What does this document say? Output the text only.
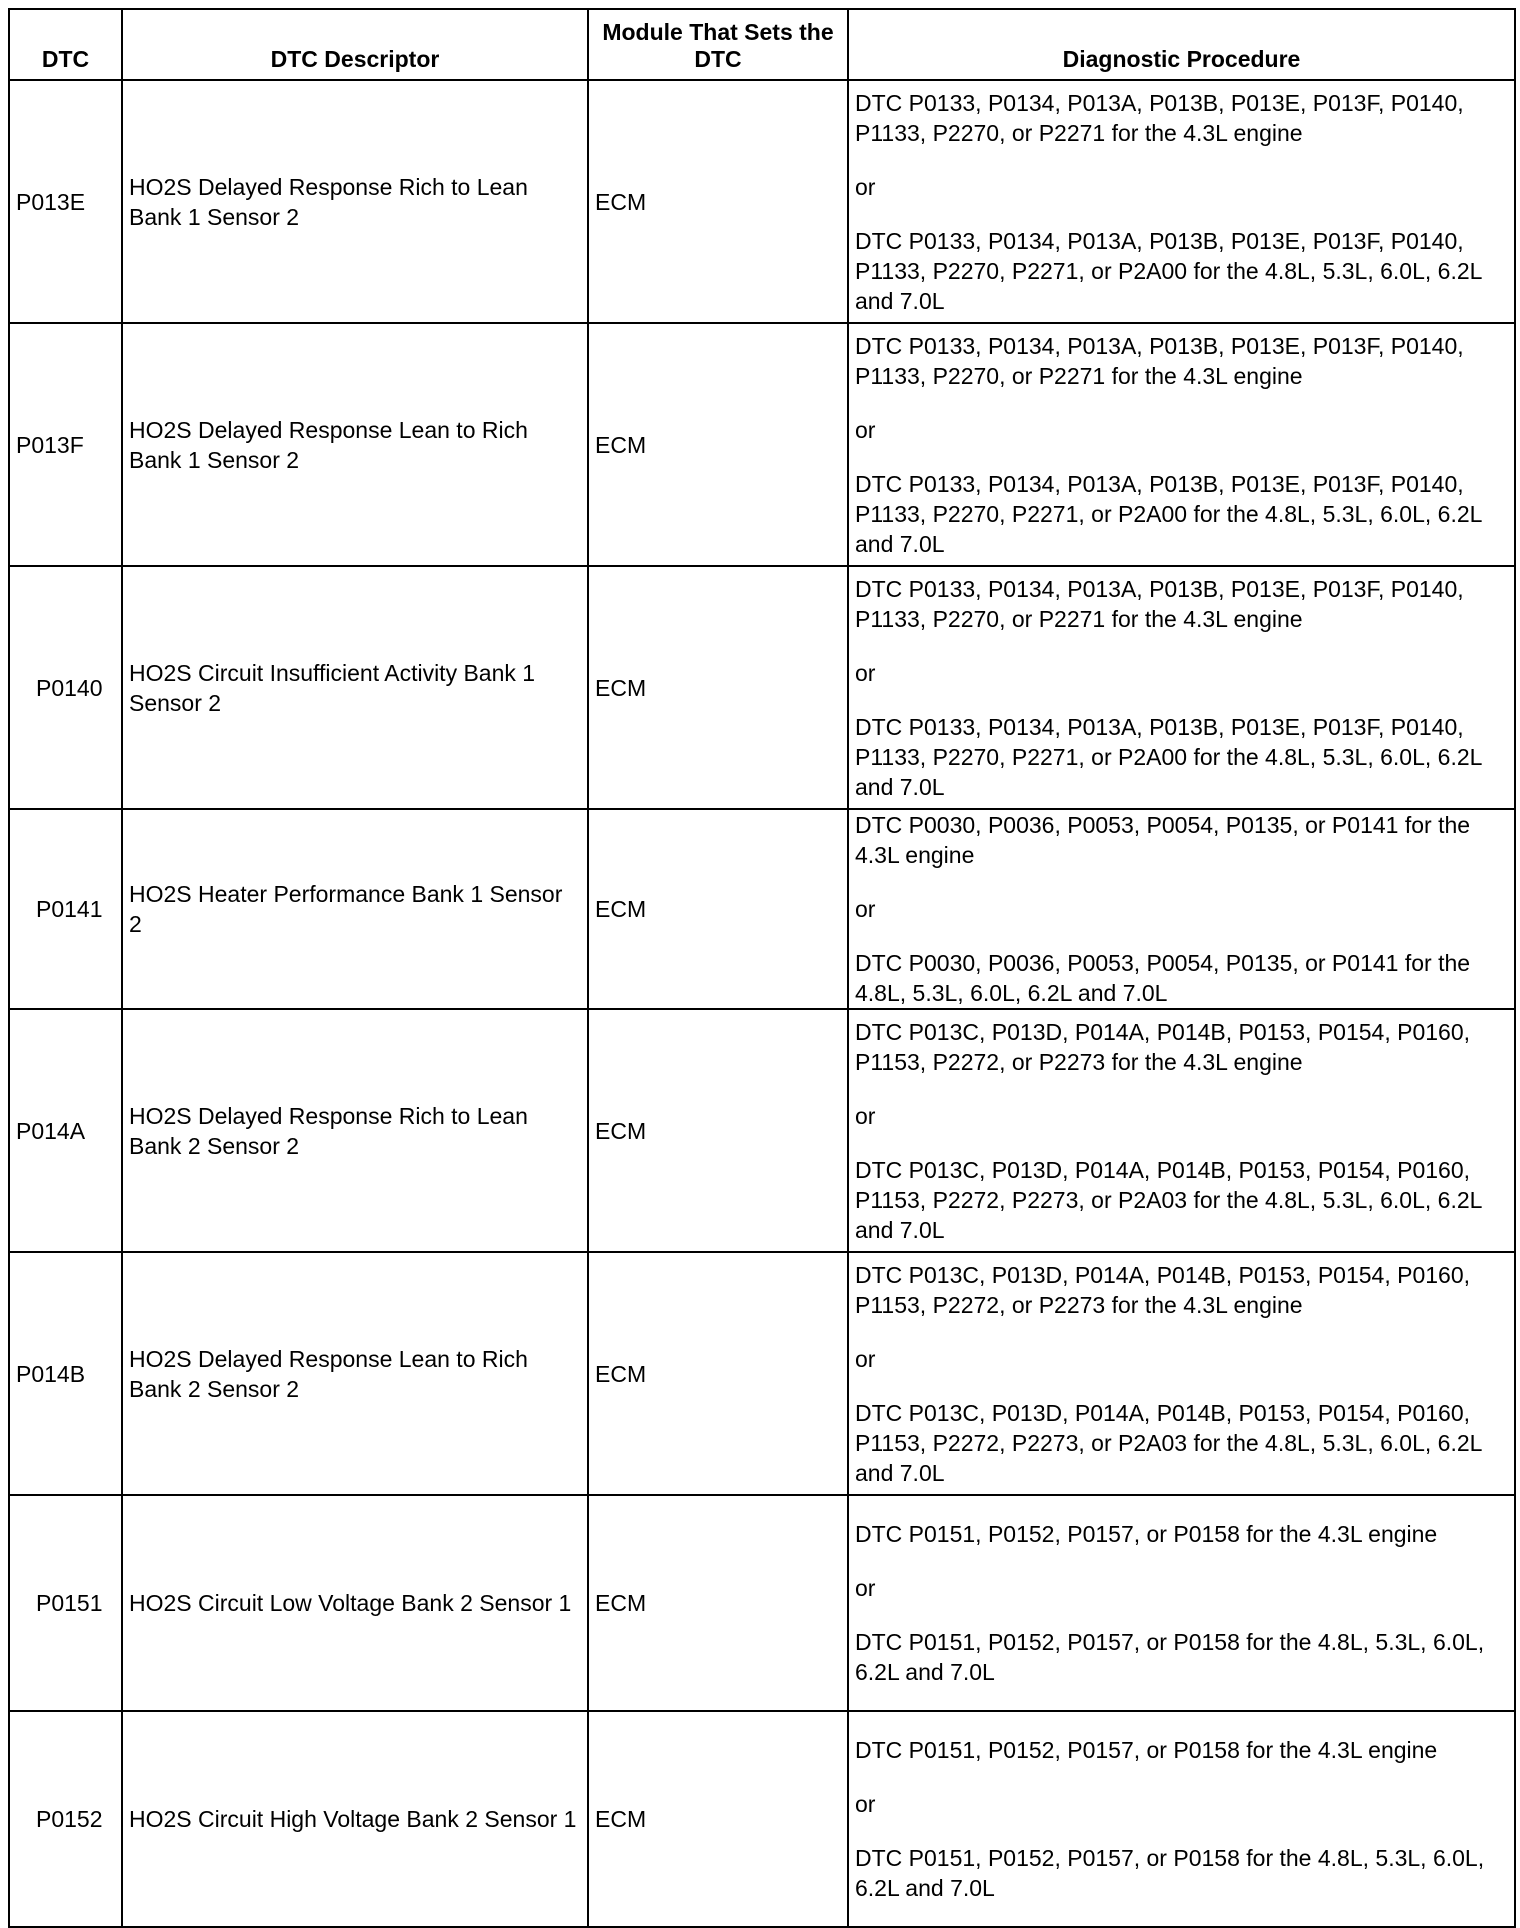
DTC	DTC Descriptor	Module That Sets the DTC	Diagnostic Procedure
P013E	HO2S Delayed Response Rich to Lean Bank 1 Sensor 2	ECM	DTC P0133, P0134, P013A, P013B, P013E, P013F, P0140, P1133, P2270, or P2271 for the 4.3L engine

or

DTC P0133, P0134, P013A, P013B, P013E, P013F, P0140, P1133, P2270, P2271, or P2A00 for the 4.8L, 5.3L, 6.0L, 6.2L and 7.0L

P013F	HO2S Delayed Response Lean to Rich Bank 1 Sensor 2	ECM	DTC P0133, P0134, P013A, P013B, P013E, P013F, P0140, P1133, P2270, or P2271 for the 4.3L engine

or

DTC P0133, P0134, P013A, P013B, P013E, P013F, P0140, P1133, P2270, P2271, or P2A00 for the 4.8L, 5.3L, 6.0L, 6.2L and 7.0L

P0140	HO2S Circuit Insufficient Activity Bank 1 Sensor 2	ECM	DTC P0133, P0134, P013A, P013B, P013E, P013F, P0140, P1133, P2270, or P2271 for the 4.3L engine

or

DTC P0133, P0134, P013A, P013B, P013E, P013F, P0140, P1133, P2270, P2271, or P2A00 for the 4.8L, 5.3L, 6.0L, 6.2L and 7.0L

P0141	HO2S Heater Performance Bank 1 Sensor 2	ECM	DTC P0030, P0036, P0053, P0054, P0135, or P0141 for the 4.3L engine

or

DTC P0030, P0036, P0053, P0054, P0135, or P0141 for the 4.8L, 5.3L, 6.0L, 6.2L and 7.0L

P014A	HO2S Delayed Response Rich to Lean Bank 2 Sensor 2	ECM	DTC P013C, P013D, P014A, P014B, P0153, P0154, P0160, P1153, P2272, or P2273 for the 4.3L engine

or

DTC P013C, P013D, P014A, P014B, P0153, P0154, P0160, P1153, P2272, P2273, or P2A03 for the 4.8L, 5.3L, 6.0L, 6.2L and 7.0L

P014B	HO2S Delayed Response Lean to Rich Bank 2 Sensor 2	ECM	DTC P013C, P013D, P014A, P014B, P0153, P0154, P0160, P1153, P2272, or P2273 for the 4.3L engine

or

DTC P013C, P013D, P014A, P014B, P0153, P0154, P0160, P1153, P2272, P2273, or P2A03 for the 4.8L, 5.3L, 6.0L, 6.2L and 7.0L

P0151	HO2S Circuit Low Voltage Bank 2 Sensor 1	ECM	DTC P0151, P0152, P0157, or P0158 for the 4.3L engine

or

DTC P0151, P0152, P0157, or P0158 for the 4.8L, 5.3L, 6.0L, 6.2L and 7.0L

P0152	HO2S Circuit High Voltage Bank 2 Sensor 1	ECM	DTC P0151, P0152, P0157, or P0158 for the 4.3L engine

or

DTC P0151, P0152, P0157, or P0158 for the 4.8L, 5.3L, 6.0L, 6.2L and 7.0L
